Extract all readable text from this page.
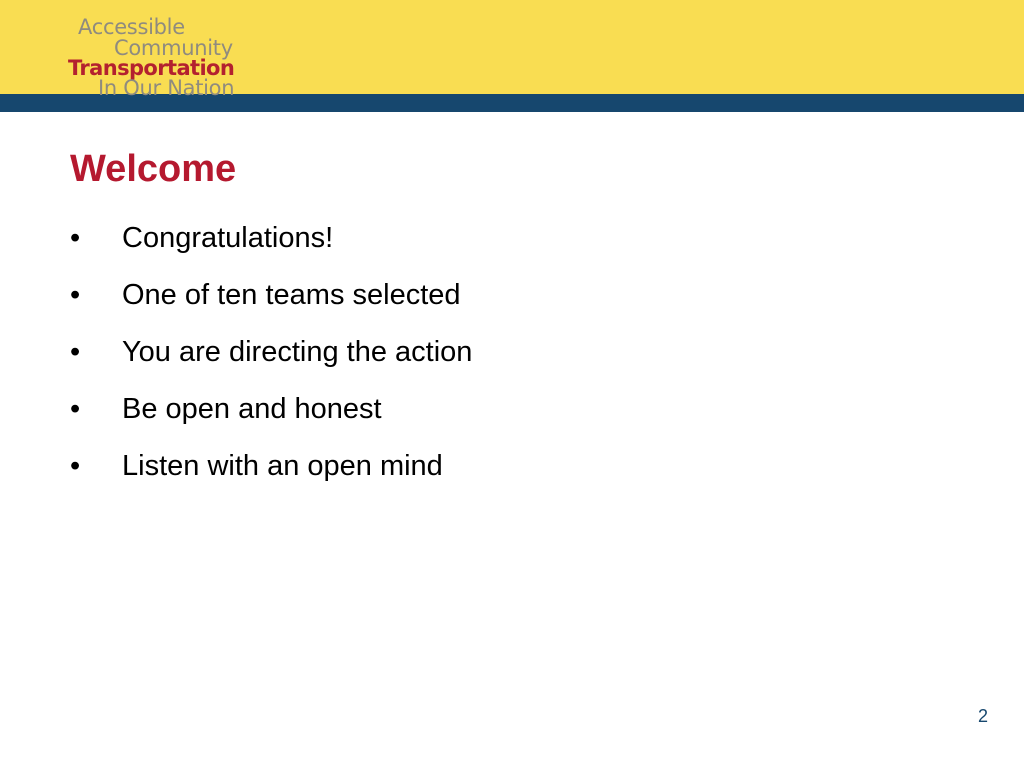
Accessible
Community
Transportation
In Our Nation
Welcome
•	Congratulations!
•	One of ten teams selected
•	You are directing the action
•	Be open and honest
•	Listen with an open mind
2
